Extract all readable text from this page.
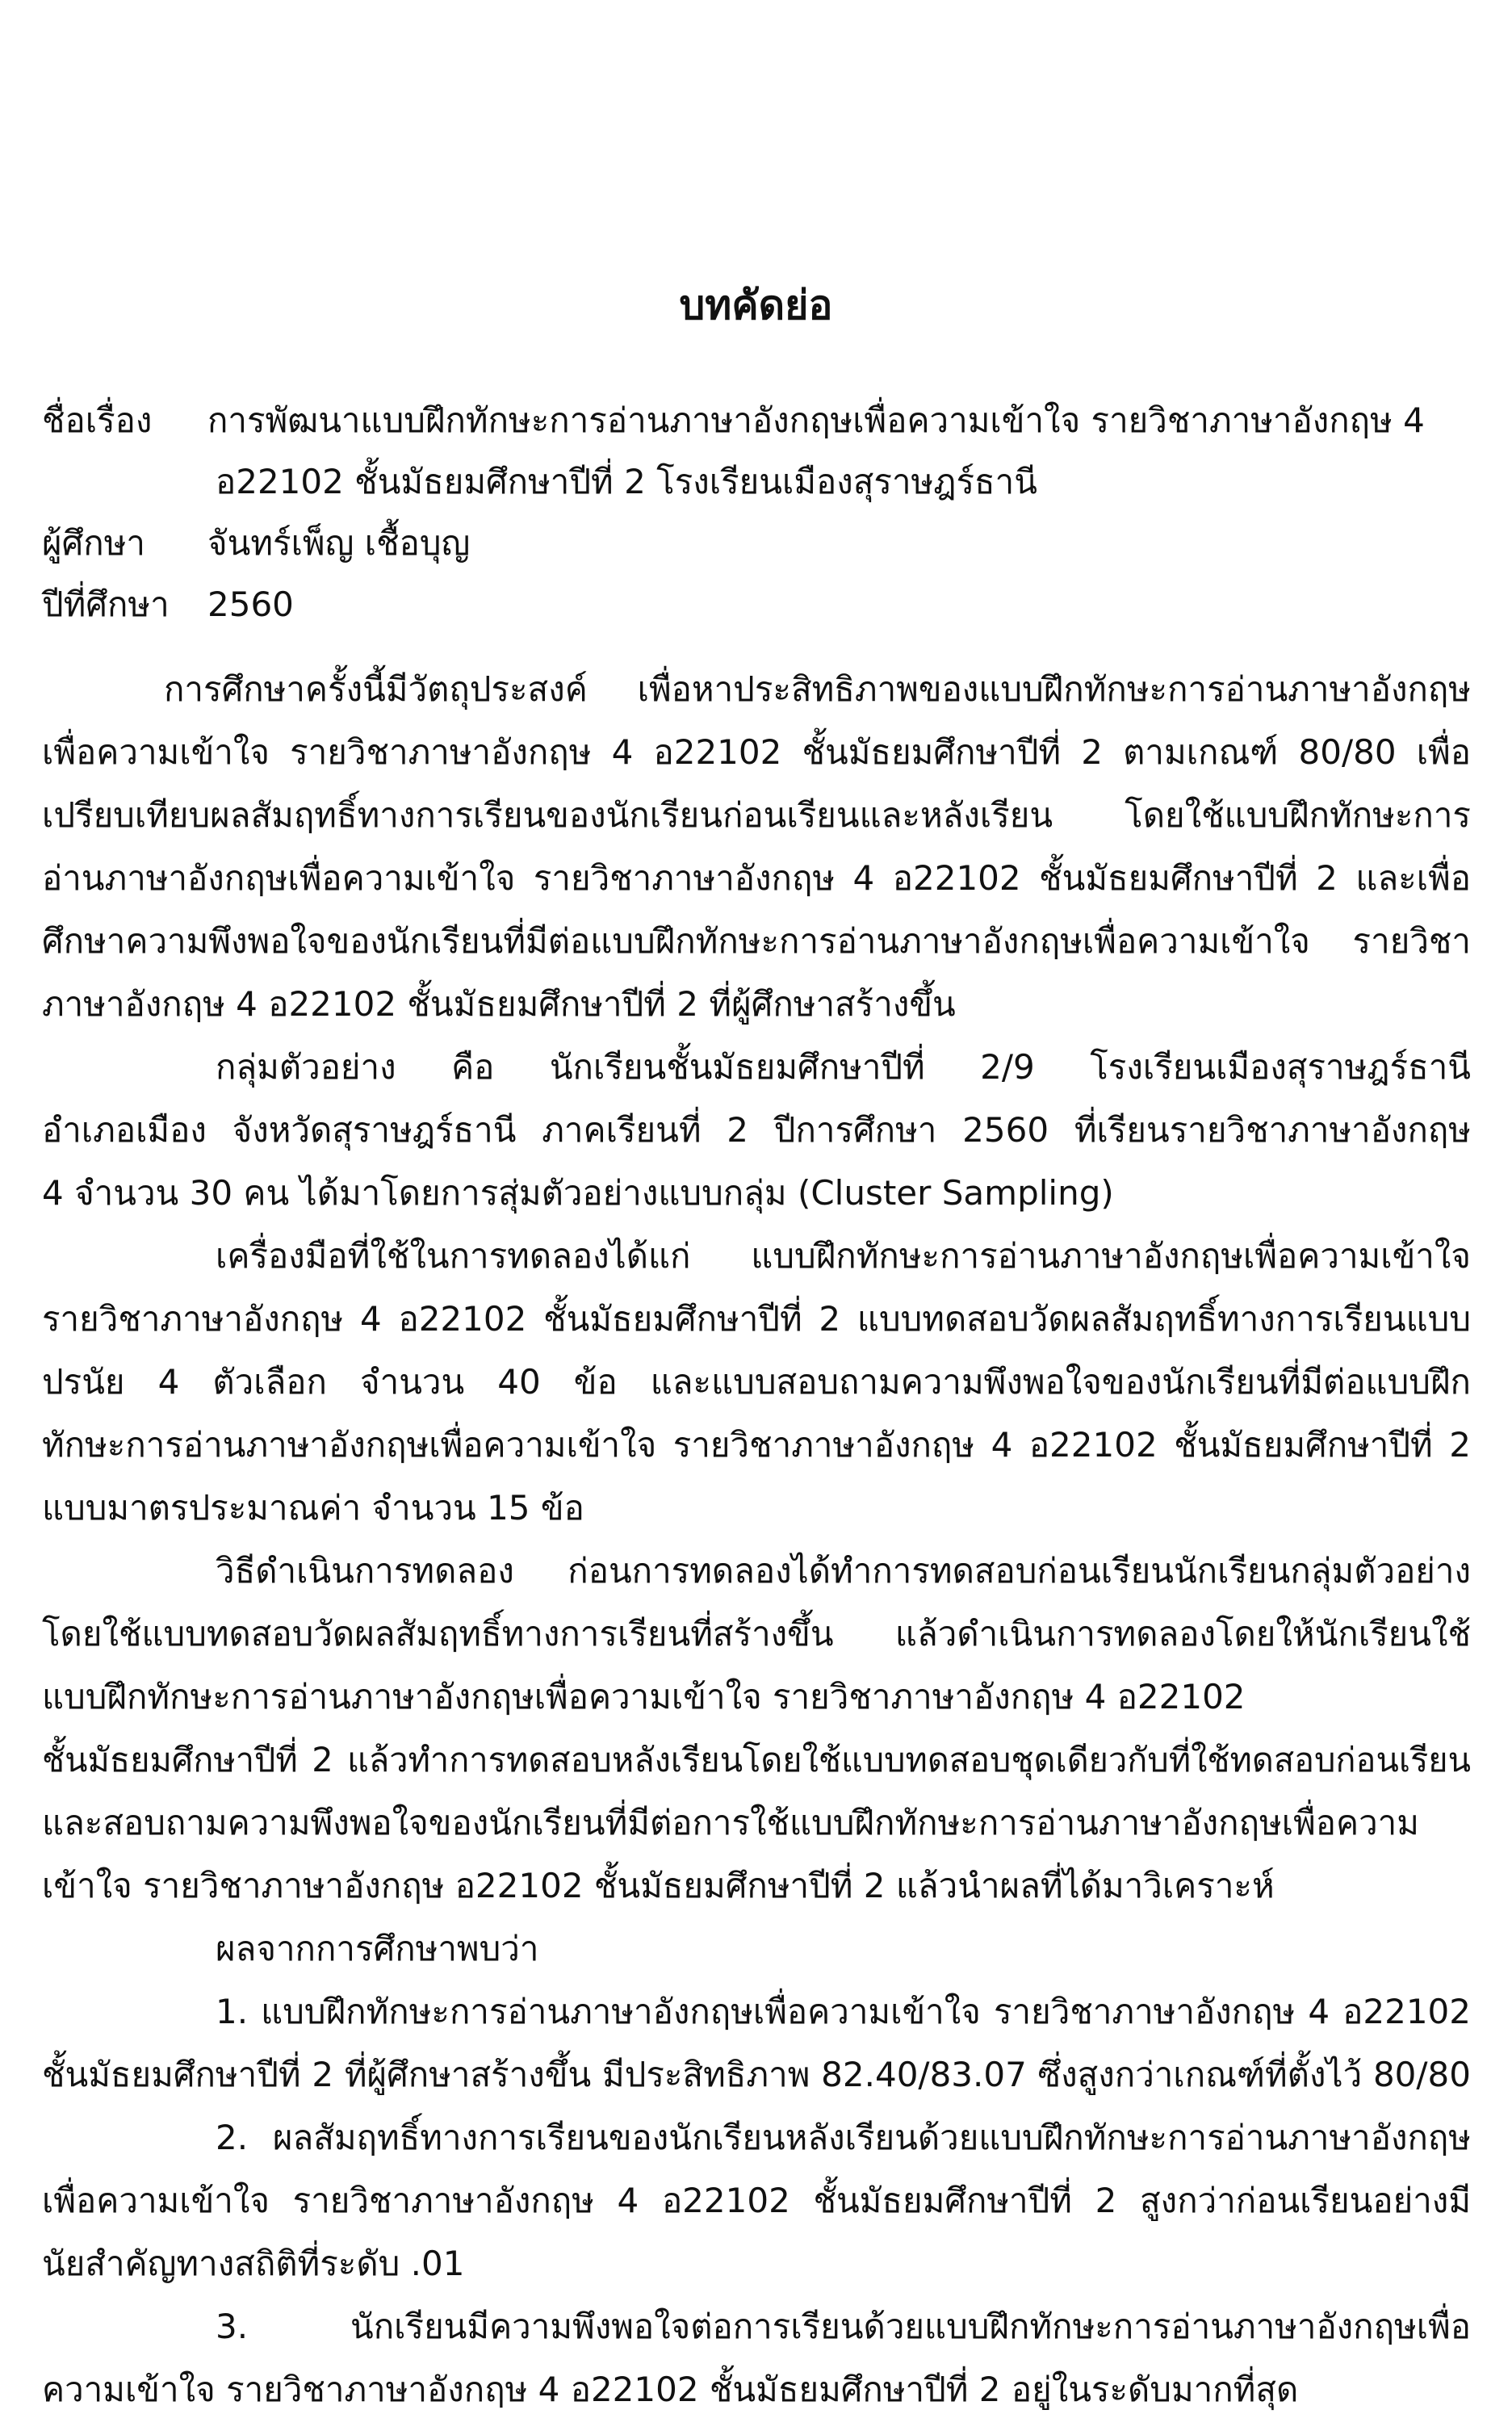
บทคัดย่อ
ชื่อเรื่อง การพัฒนาแบบฝึกทักษะการอ่านภาษาอังกฤษเพื่อความเข้าใจ รายวิชาภาษาอังกฤษ 4
อ22102 ชั้นมัธยมศึกษาปีที่ 2 โรงเรียนเมืองสุราษฎร์ธานี
ผู้ศึกษา จันทร์เพ็ญ เชื้อบุญ
ปีที่ศึกษา 2560
การศึกษาครั้งนี้มีวัตถุประสงค์ เพื่อหาประสิทธิภาพของแบบฝึกทักษะการอ่านภาษาอังกฤษ
เพื่อความเข้าใจ รายวิชาภาษาอังกฤษ 4 อ22102 ชั้นมัธยมศึกษาปีที่ 2 ตามเกณฑ์ 80/80 เพื่อ
เปรียบเทียบผลสัมฤทธิ์ทางการเรียนของนักเรียนก่อนเรียนและหลังเรียน โดยใช้แบบฝึกทักษะการ
อ่านภาษาอังกฤษเพื่อความเข้าใจ รายวิชาภาษาอังกฤษ 4 อ22102 ชั้นมัธยมศึกษาปีที่ 2 และเพื่อ
ศึกษาความพึงพอใจของนักเรียนที่มีต่อแบบฝึกทักษะการอ่านภาษาอังกฤษเพื่อความเข้าใจ รายวิชา
ภาษาอังกฤษ 4 อ22102 ชั้นมัธยมศึกษาปีที่ 2 ที่ผู้ศึกษาสร้างขึ้น
กลุ่มตัวอย่าง คือ นักเรียนชั้นมัธยมศึกษาปีที่ 2/9 โรงเรียนเมืองสุราษฎร์ธานี
อำเภอเมือง จังหวัดสุราษฎร์ธานี ภาคเรียนที่ 2 ปีการศึกษา 2560 ที่เรียนรายวิชาภาษาอังกฤษ
4 จำนวน 30 คน ได้มาโดยการสุ่มตัวอย่างแบบกลุ่ม (Cluster Sampling)
เครื่องมือที่ใช้ในการทดลองได้แก่ แบบฝึกทักษะการอ่านภาษาอังกฤษเพื่อความเข้าใจ
รายวิชาภาษาอังกฤษ 4 อ22102 ชั้นมัธยมศึกษาปีที่ 2 แบบทดสอบวัดผลสัมฤทธิ์ทางการเรียนแบบ
ปรนัย 4 ตัวเลือก จำนวน 40 ข้อ และแบบสอบถามความพึงพอใจของนักเรียนที่มีต่อแบบฝึก
ทักษะการอ่านภาษาอังกฤษเพื่อความเข้าใจ รายวิชาภาษาอังกฤษ 4 อ22102 ชั้นมัธยมศึกษาปีที่ 2
แบบมาตรประมาณค่า จำนวน 15 ข้อ
วิธีดำเนินการทดลอง ก่อนการทดลองได้ทำการทดสอบก่อนเรียนนักเรียนกลุ่มตัวอย่าง
โดยใช้แบบทดสอบวัดผลสัมฤทธิ์ทางการเรียนที่สร้างขึ้น แล้วดำเนินการทดลองโดยให้นักเรียนใช้
แบบฝึกทักษะการอ่านภาษาอังกฤษเพื่อความเข้าใจ รายวิชาภาษาอังกฤษ 4 อ22102
ชั้นมัธยมศึกษาปีที่ 2 แล้วทำการทดสอบหลังเรียนโดยใช้แบบทดสอบชุดเดียวกับที่ใช้ทดสอบก่อนเรียน
และสอบถามความพึงพอใจของนักเรียนที่มีต่อการใช้แบบฝึกทักษะการอ่านภาษาอังกฤษเพื่อความ
เข้าใจ รายวิชาภาษาอังกฤษ อ22102 ชั้นมัธยมศึกษาปีที่ 2 แล้วนำผลที่ได้มาวิเคราะห์
ผลจากการศึกษาพบว่า
1. แบบฝึกทักษะการอ่านภาษาอังกฤษเพื่อความเข้าใจ รายวิชาภาษาอังกฤษ 4 อ22102
ชั้นมัธยมศึกษาปีที่ 2 ที่ผู้ศึกษาสร้างขึ้น มีประสิทธิภาพ 82.40/83.07 ซึ่งสูงกว่าเกณฑ์ที่ตั้งไว้ 80/80
2. ผลสัมฤทธิ์ทางการเรียนของนักเรียนหลังเรียนด้วยแบบฝึกทักษะการอ่านภาษาอังกฤษ
เพื่อความเข้าใจ รายวิชาภาษาอังกฤษ 4 อ22102 ชั้นมัธยมศึกษาปีที่ 2 สูงกว่าก่อนเรียนอย่างมี
นัยสำคัญทางสถิติที่ระดับ .01
3. นักเรียนมีความพึงพอใจต่อการเรียนด้วยแบบฝึกทักษะการอ่านภาษาอังกฤษเพื่อ
ความเข้าใจ รายวิชาภาษาอังกฤษ 4 อ22102 ชั้นมัธยมศึกษาปีที่ 2 อยู่ในระดับมากที่สุด
